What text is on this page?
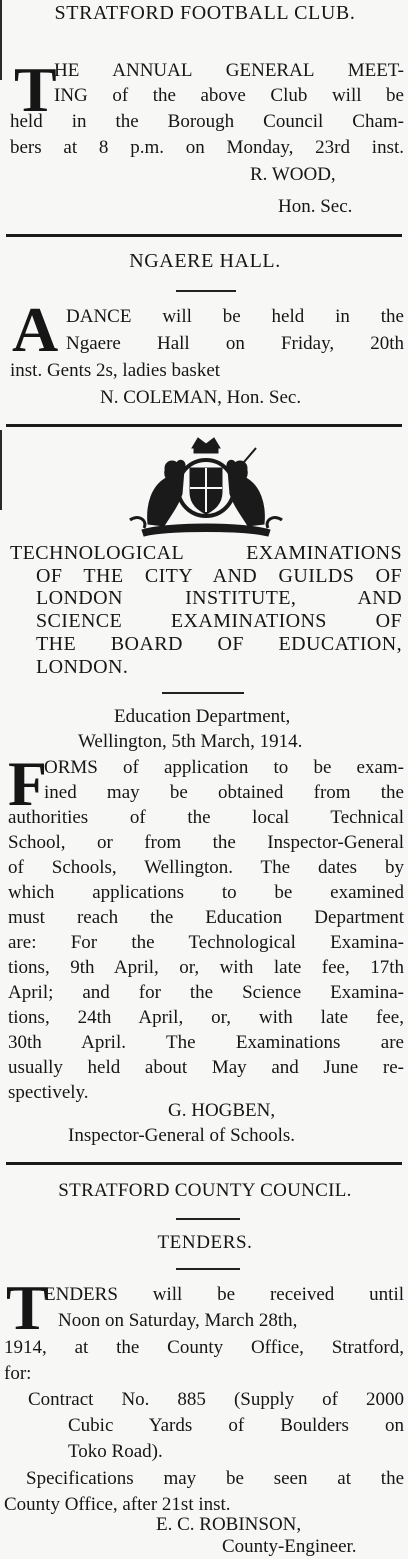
STRATFORD FOOTBALL CLUB.
T
HE ANNUAL GENERAL MEET-
ING of the above Club will be
held in the Borough Council Cham-
bers at 8 p.m. on Monday, 23rd inst.
R. WOOD,
Hon. Sec.
NGAERE HALL.
A DANCE will be held in the
Ngaere Hall on Friday, 20th
inst. Gents 2s, ladies basket
N. COLEMAN, Hon. Sec.
TECHNOLOGICAL EXAMINATIONS
OF THE CITY AND GUILDS OF
LONDON INSTITUTE, AND
SCIENCE EXAMINATIONS OF
THE BOARD OF EDUCATION,
LONDON.
Education Department,
Wellington, 5th March, 1914.
F
ORMS of application to be exam-
ined may be obtained from the
authorities of the local Technical
School, or from the Inspector-General
of Schools, Wellington. The dates by
which applications to be examined
must reach the Education Department
are: For the Technological Examina-
tions, 9th April, or, with late fee, 17th
April; and for the Science Examina-
tions, 24th April, or, with late fee,
30th April. The Examinations are
usually held about May and June re-
spectively.
G. HOGBEN,
Inspector-General of Schools.
STRATFORD COUNTY COUNCIL.
TENDERS.
T
ENDERS will be received until
Noon on Saturday, March 28th,
1914, at the County Office, Stratford,
for:
Contract No. 885 (Supply of 2000
Cubic Yards of Boulders on
Toko Road).
Specifications may be seen at the
County Office, after 21st inst.
E. C. ROBINSON,
County-Engineer.
